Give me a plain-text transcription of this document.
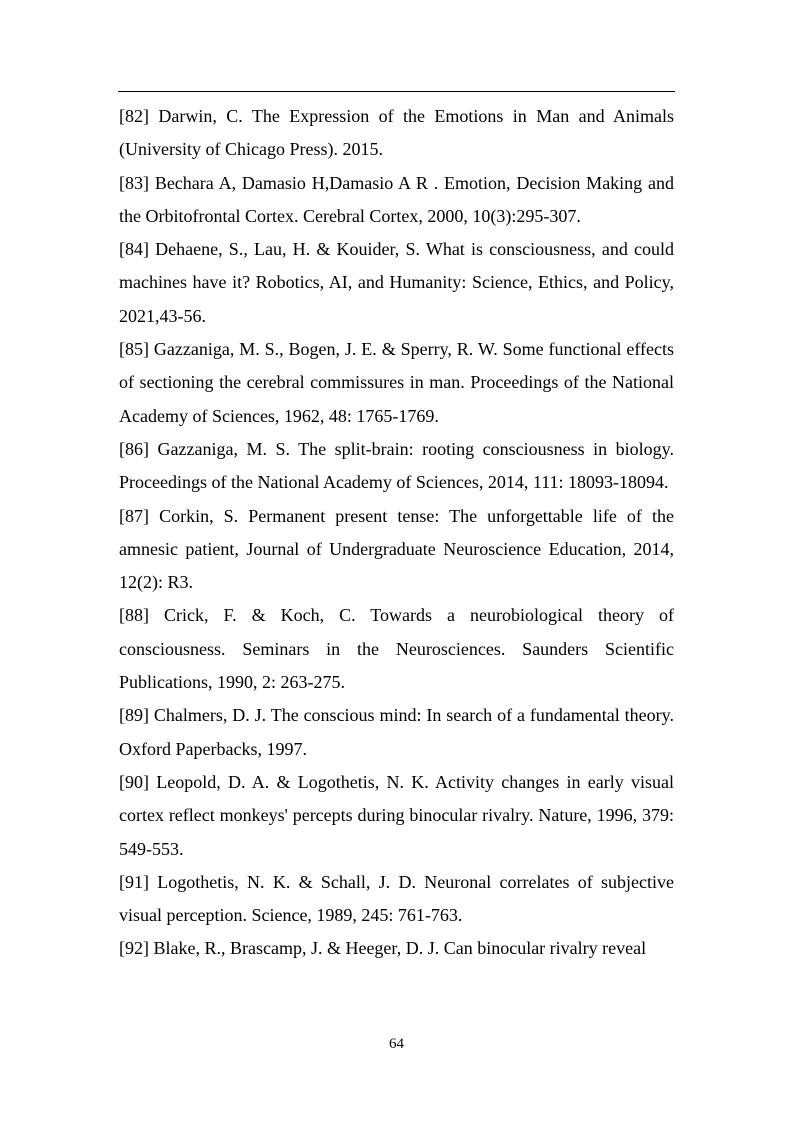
[82] Darwin, C. The Expression of the Emotions in Man and Animals (University of Chicago Press). 2015.
[83] Bechara A, Damasio H,Damasio A R . Emotion, Decision Making and the Orbitofrontal Cortex. Cerebral Cortex, 2000, 10(3):295-307.
[84] Dehaene, S., Lau, H. & Kouider, S. What is consciousness, and could machines have it? Robotics, AI, and Humanity: Science, Ethics, and Policy, 2021,43-56.
[85] Gazzaniga, M. S., Bogen, J. E. & Sperry, R. W. Some functional effects of sectioning the cerebral commissures in man. Proceedings of the National Academy of Sciences, 1962, 48: 1765-1769.
[86] Gazzaniga, M. S. The split-brain: rooting consciousness in biology. Proceedings of the National Academy of Sciences, 2014, 111: 18093-18094.
[87] Corkin, S. Permanent present tense: The unforgettable life of the amnesic patient, Journal of Undergraduate Neuroscience Education, 2014, 12(2): R3.
[88] Crick, F. & Koch, C. Towards a neurobiological theory of consciousness. Seminars in the Neurosciences. Saunders Scientific Publications, 1990, 2: 263-275.
[89] Chalmers, D. J. The conscious mind: In search of a fundamental theory. Oxford Paperbacks, 1997.
[90] Leopold, D. A. & Logothetis, N. K. Activity changes in early visual cortex reflect monkeys' percepts during binocular rivalry. Nature, 1996, 379: 549-553.
[91] Logothetis, N. K. & Schall, J. D. Neuronal correlates of subjective visual perception. Science, 1989, 245: 761-763.
[92] Blake, R., Brascamp, J. & Heeger, D. J. Can binocular rivalry reveal
64
